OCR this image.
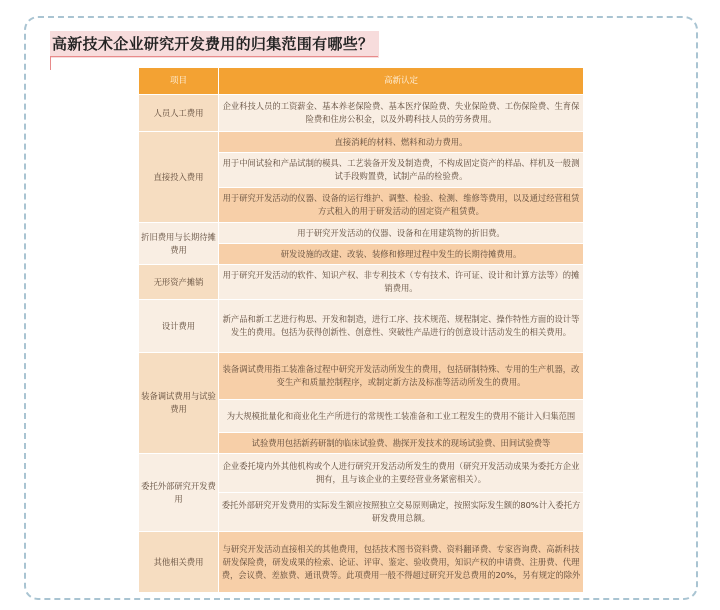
高新技术企业研究开发费用的归集范围有哪些？
项目	高新认定
人员人工费用	企业科技人员的工资薪金、基本养老保险费、基本医疗保险费、失业保险费、工伤保险费、生育保险费和住房公积金，以及外聘科技人员的劳务费用。
直接投入费用	直接消耗的材料、燃料和动力费用。
	用于中间试验和产品试制的模具、工艺装备开发及制造费，不构成固定资产的样品、样机及一般测试手段购置费，试制产品的检验费。
	用于研究开发活动的仪器、设备的运行维护、调整、检验、检测、维修等费用，以及通过经营租赁方式租入的用于研发活动的固定资产租赁费。
折旧费用与长期待摊费用	用于研究开发活动的仪器、设备和在用建筑物的折旧费。
	研发设施的改建、改装、装修和修理过程中发生的长期待摊费用。
无形资产摊销	用于研究开发活动的软件、知识产权、非专利技术（专有技术、许可证、设计和计算方法等）的摊销费用。
设计费用	新产品和新工艺进行构思、开发和制造，进行工序、技术规范、规程制定、操作特性方面的设计等发生的费用。包括为获得创新性、创意性、突破性产品进行的创意设计活动发生的相关费用。
装备调试费用与试验费用	装备调试费用指工装准备过程中研究开发活动所发生的费用，包括研制特殊、专用的生产机器，改变生产和质量控制程序，或制定新方法及标准等活动所发生的费用。
	为大规模批量化和商业化生产所进行的常规性工装准备和工业工程发生的费用不能计入归集范围
	试验费用包括新药研制的临床试验费、勘探开发技术的现场试验费、田间试验费等
委托外部研究开发费用	企业委托境内外其他机构或个人进行研究开发活动所发生的费用（研究开发活动成果为委托方企业拥有，且与该企业的主要经营业务紧密相关）。
	委托外部研究开发费用的实际发生额应按照独立交易原则确定，按照实际发生额的80%计入委托方研发费用总额。
其他相关费用	与研究开发活动直接相关的其他费用，包括技术图书资料费、资料翻译费、专家咨询费、高新科技研发保险费，研发成果的检索、论证、评审、鉴定、验收费用，知识产权的申请费、注册费、代理费，会议费、差旅费、通讯费等。此项费用一般不得超过研究开发总费用的20%，另有规定的除外
